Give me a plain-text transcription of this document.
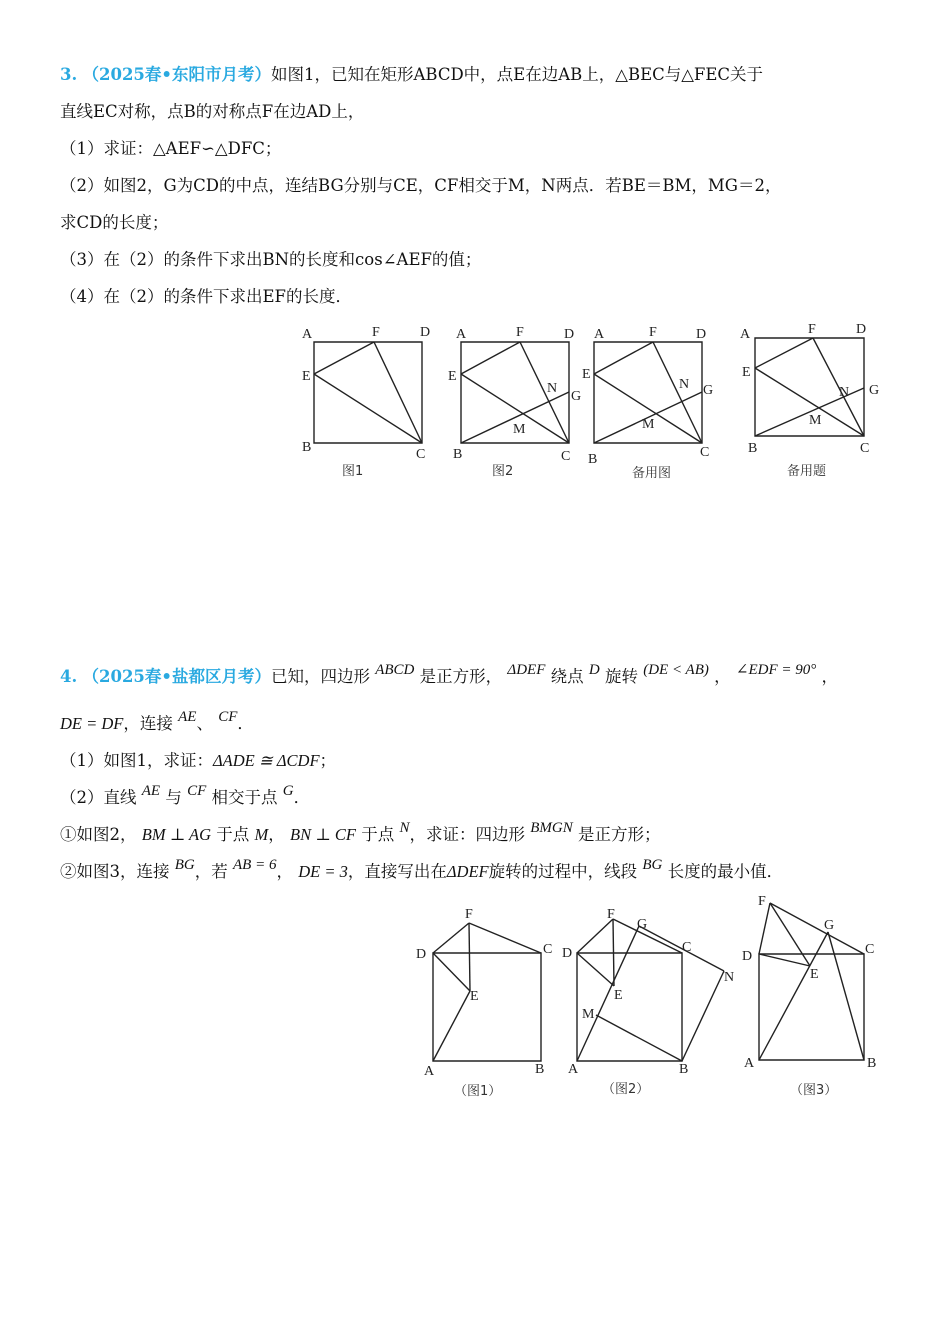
3. （2025春•东阳市月考）如图1，已知在矩形ABCD中，点E在边AB上，△BEC与△FEC关于
直线EC对称，点B的对称点F在边AD上，
（1）求证：△AEF∽△DFC；
（2）如图2，G为CD的中点，连结BG分别与CE，CF相交于M，N两点．若BE＝BM，MG＝2，
求CD的长度；
（3）在（2）的条件下求出BN的长度和cos∠AEF的值；
（4）在（2）的条件下求出EF的长度．
A	F	D
E
B	C
图1
A	F	D
E
N
G
M
B	C
图2
A	F	D
E
N G
M
B	C
备用图
A	F	D
E
N G
M
B	C
备用题
4. （2025春•盐都区月考）已知，四边形 ABCD 是正方形， ΔDEF 绕点 D 旋转 (DE < AB) ， ∠EDF = 90° ，
DE = DF，连接 AE、 CF．
（1）如图1，求证：ΔADE ≅ ΔCDF；
（2）直线 AE 与 CF 相交于点 G．
①如图2， BM ⊥ AG 于点 M， BN ⊥ CF 于点 N，求证：四边形 BMGN 是正方形；
②如图3，连接 BG，若 AB = 6， DE = 3，直接写出在ΔDEF旋转的过程中，线段 BG 长度的最小值．
F
D	C
E
A	B
（图1）
F
G
D	C
E
N
M
A	B
（图2）
F
G
D	C
E
A	B
（图3）
